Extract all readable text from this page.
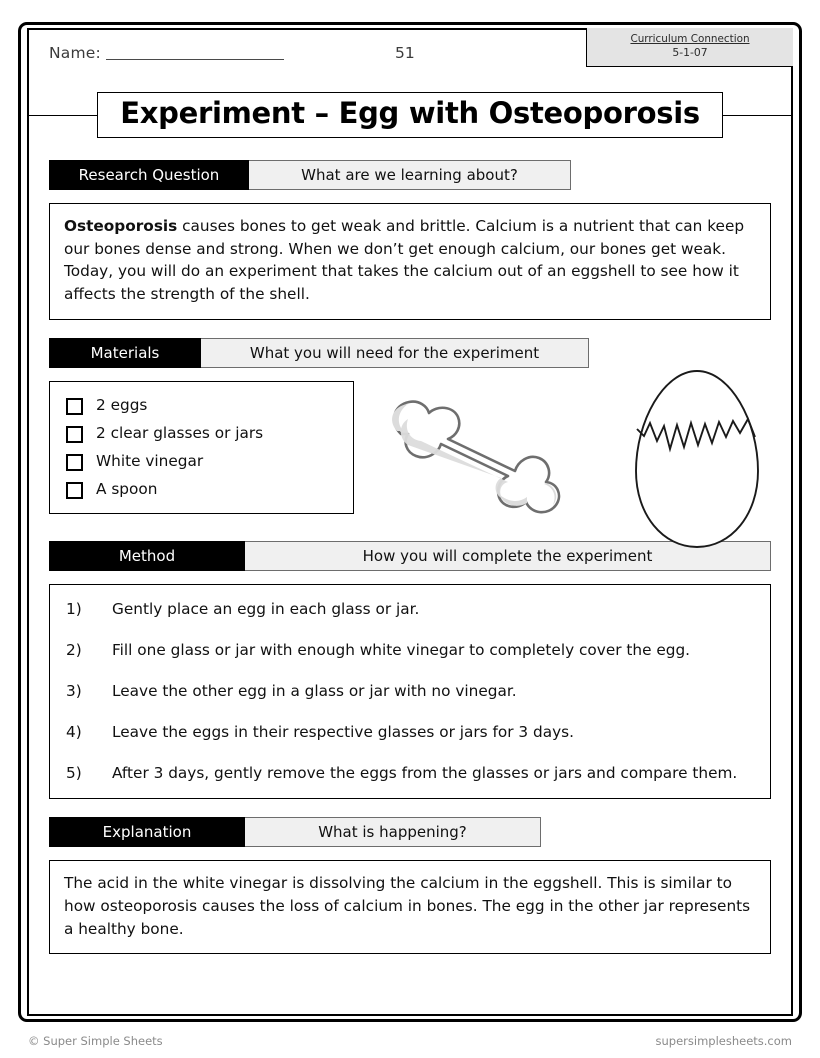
Name:	51
Curriculum Connection
5-1-07
Experiment – Egg with Osteoporosis
Research Question	What are we learning about?
Osteoporosis causes bones to get weak and brittle. Calcium is a nutrient that can keep our bones dense and strong. When we don’t get enough calcium, our bones get weak. Today, you will do an experiment that takes the calcium out of an eggshell to see how it affects the strength of the shell.
Materials	What you will need for the experiment
2 eggs
2 clear glasses or jars
White vinegar
A spoon
Method	How you will complete the experiment
1)	Gently place an egg in each glass or jar.
2)	Fill one glass or jar with enough white vinegar to completely cover the egg.
3)	Leave the other egg in a glass or jar with no vinegar.
4)	Leave the eggs in their respective glasses or jars for 3 days.
5)	After 3 days, gently remove the eggs from the glasses or jars and compare them.
Explanation	What is happening?
The acid in the white vinegar is dissolving the calcium in the eggshell. This is similar to how osteoporosis causes the loss of calcium in bones. The egg in the other jar represents a healthy bone.
© Super Simple Sheets	supersimplesheets.com
